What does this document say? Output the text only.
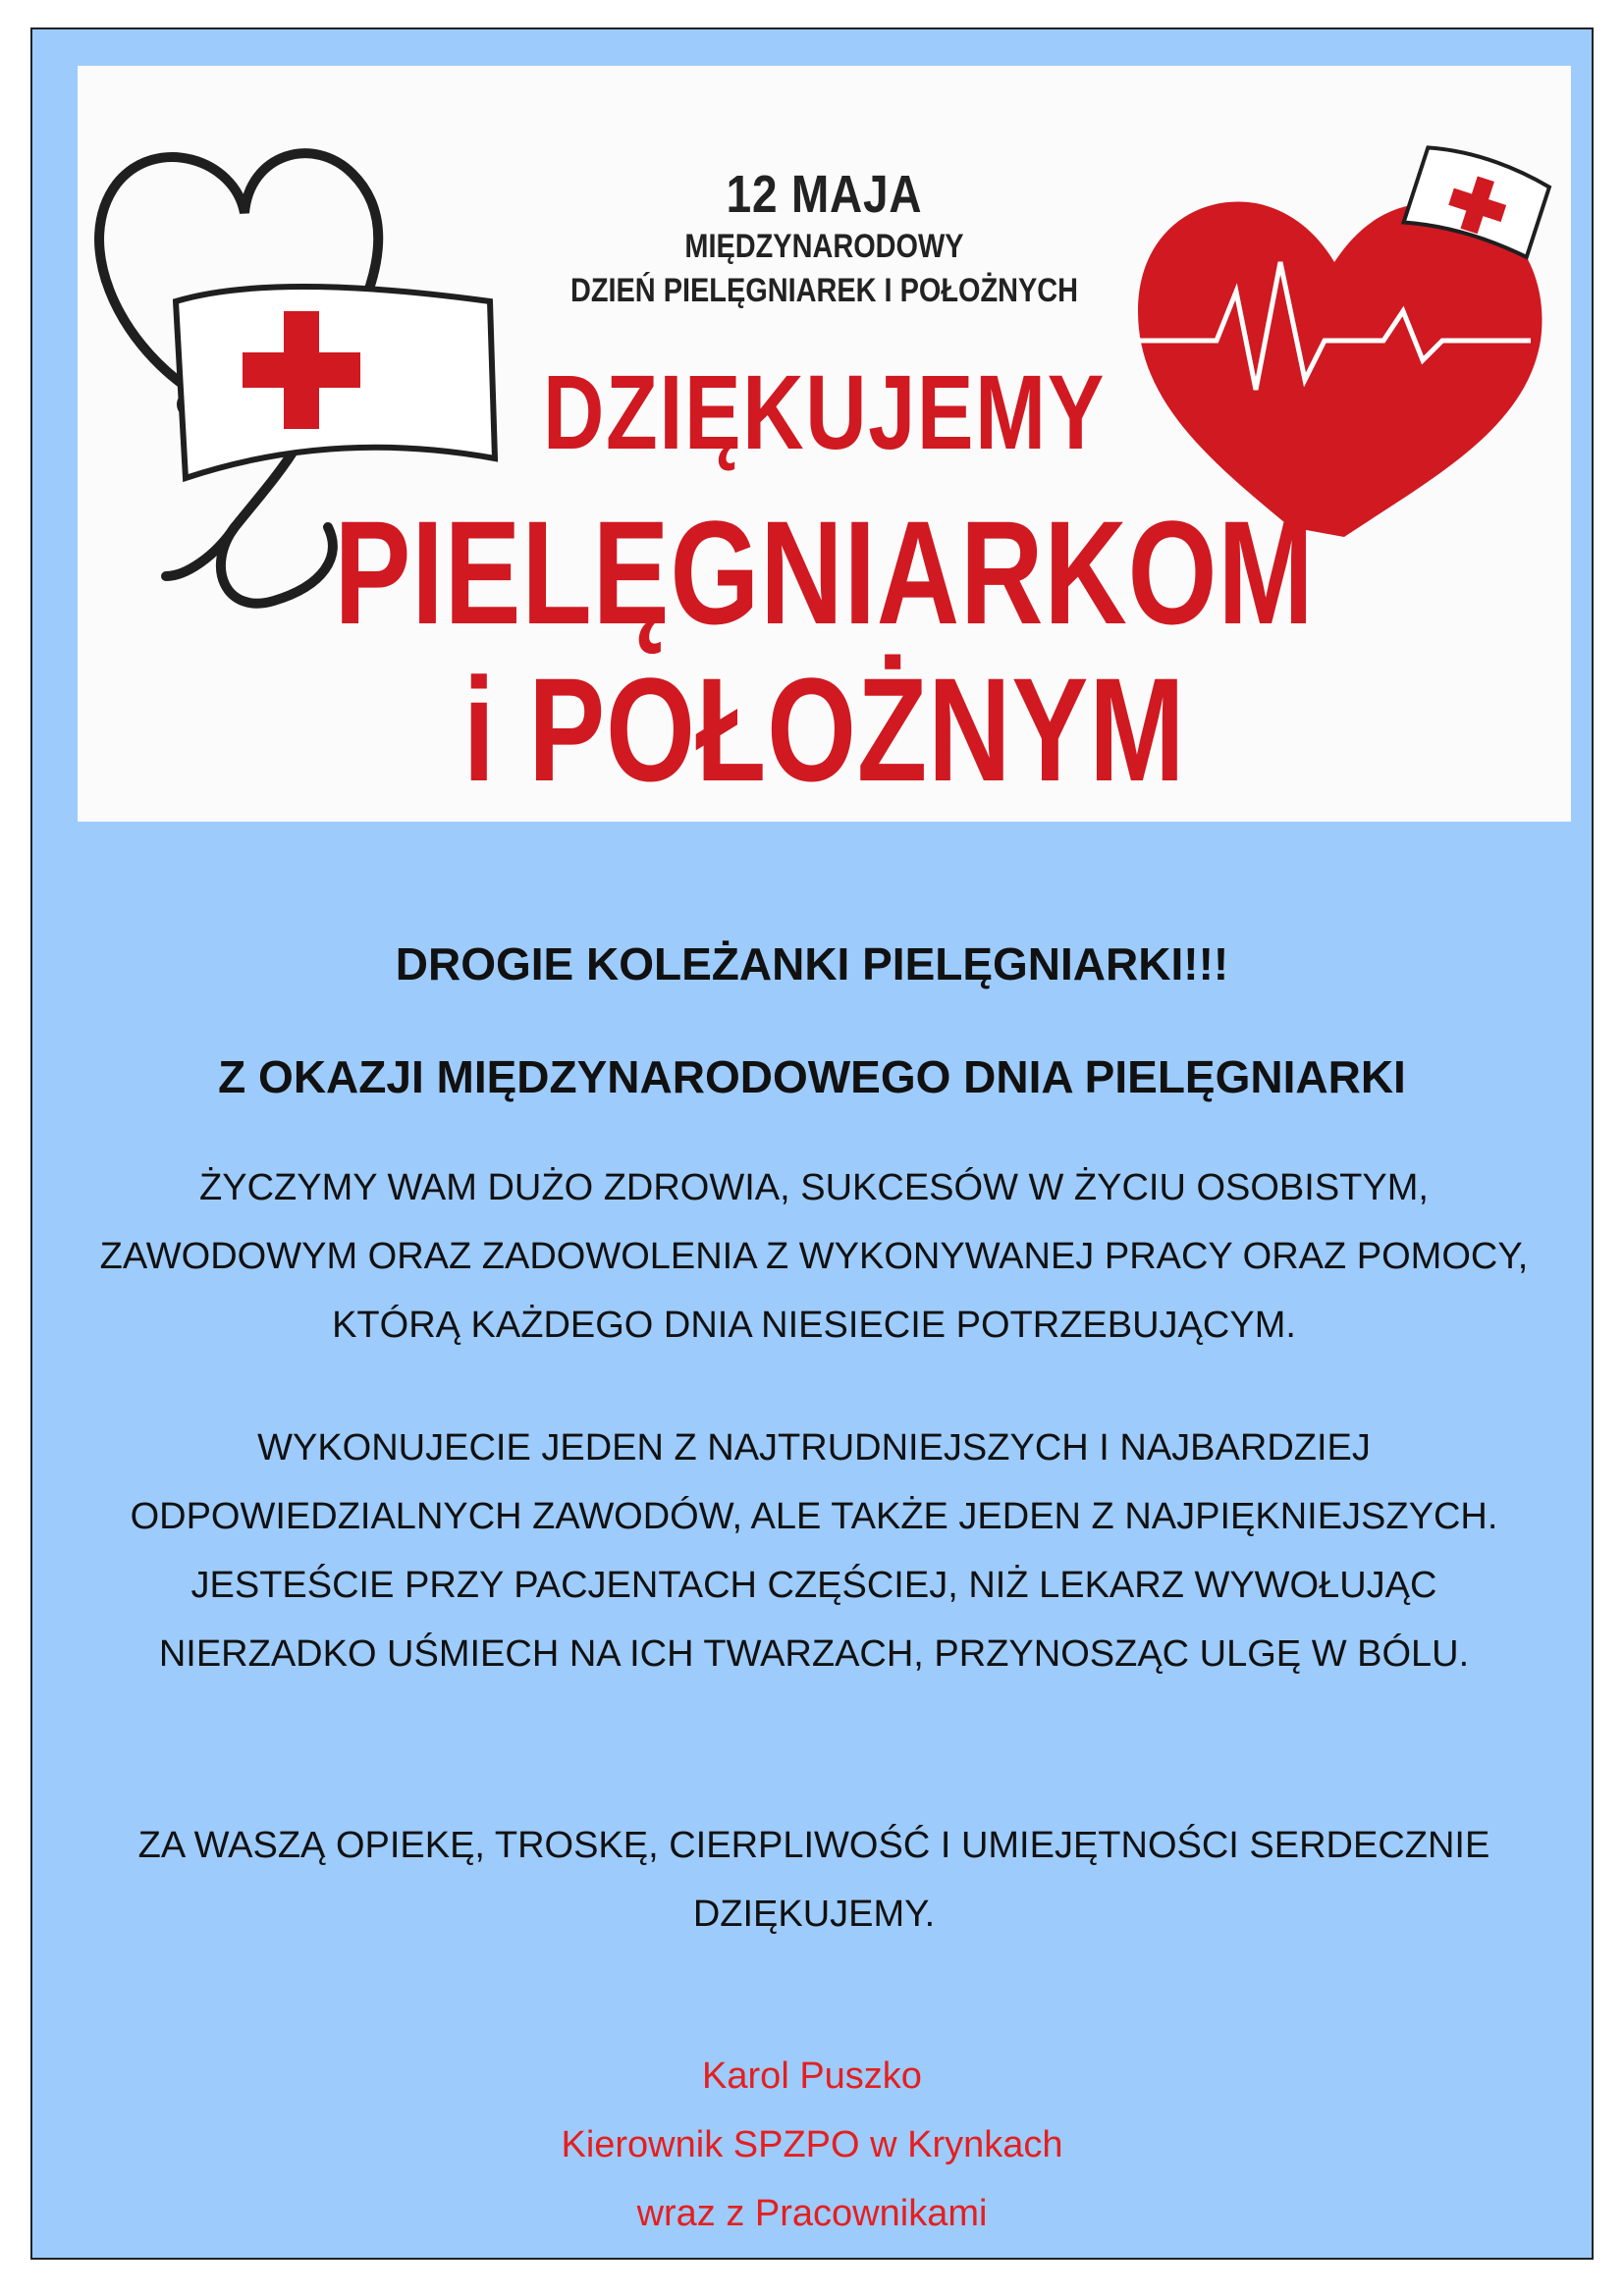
12 MAJA
MIĘDZYNARODOWY
DZIEŃ PIELĘGNIAREK I POŁOŻNYCH
DZIĘKUJEMY
PIELĘGNIARKOM
i POŁOŻNYM
DROGIE KOLEŻANKI PIELĘGNIARKI!!!
Z OKAZJI MIĘDZYNARODOWEGO DNIA PIELĘGNIARKI
ŻYCZYMY WAM DUŻO ZDROWIA, SUKCESÓW W ŻYCIU OSOBISTYM, ZAWODOWYM ORAZ ZADOWOLENIA Z WYKONYWANEJ PRACY ORAZ POMOCY, KTÓRĄ KAŻDEGO DNIA NIESIECIE POTRZEBUJĄCYM.
WYKONUJECIE JEDEN Z NAJTRUDNIEJSZYCH I NAJBARDZIEJ ODPOWIEDZIALNYCH ZAWODÓW, ALE TAKŻE JEDEN Z NAJPIĘKNIEJSZYCH. JESTEŚCIE PRZY PACJENTACH CZĘŚCIEJ, NIŻ LEKARZ WYWOŁUJĄC NIERZADKO UŚMIECH NA ICH TWARZACH, PRZYNOSZĄC ULGĘ W BÓLU.
ZA WASZĄ OPIEKĘ, TROSKĘ, CIERPLIWOŚĆ I UMIEJĘTNOŚCI SERDECZNIE DZIĘKUJEMY.
Karol Puszko
Kierownik SPZPO w Krynkach
wraz z Pracownikami
